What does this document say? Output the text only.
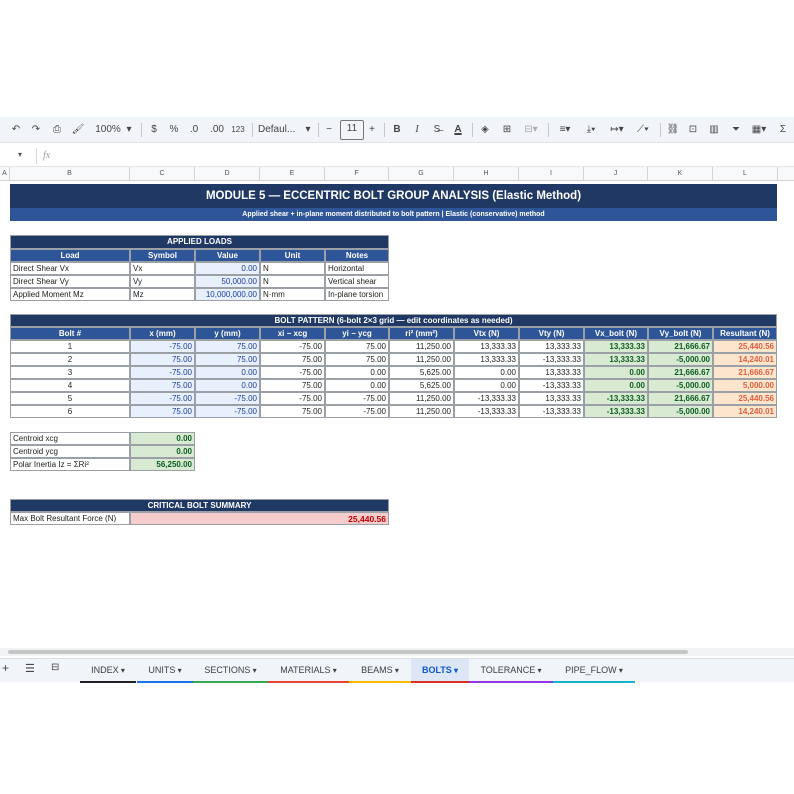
↶	↷	⎙	🖌	100% ▾	$	%	.0	.00 123 Defaul...	▾	−	11	+	B	I	S̶	A	◈	⊞	⊟▾	≡▾	⤓▾	↦▾	⟋▾	⛓ ⊡ ▥	⏷	▦▾	Σ
▾ fx
A	B	C	D	E	F	G	H	I	J	K	L
MODULE 5 — ECCENTRIC BOLT GROUP ANALYSIS (Elastic Method)
Applied shear + in-plane moment distributed to bolt pattern | Elastic (conservative) method
APPLIED LOADS
Load	Symbol	Value	Unit	Notes
Direct Shear Vx	Vx	0.00 N	Horizontal
Direct Shear Vy	Vy	50,000.00 N	Vertical shear
Applied Moment Mz	Mz	10,000,000.00 N·mm	In-plane torsion
BOLT PATTERN (6-bolt 2×3 grid — edit coordinates as needed)
Bolt #	x (mm)	y (mm)	xi − xcg	yi − ycg	ri² (mm²)	Vtx (N)	Vty (N)	Vx_bolt (N)	Vy_bolt (N)	Resultant (N)
1	-75.00	75.00	-75.00	75.00	11,250.00	13,333.33	13,333.33	13,333.33	21,666.67	25,440.56
2	75.00	75.00	75.00	75.00	11,250.00	13,333.33	-13,333.33	13,333.33	-5,000.00	14,240.01
3	-75.00	0.00	-75.00	0.00	5,625.00	0.00	13,333.33	0.00	21,666.67	21,666.67
4	75.00	0.00	75.00	0.00	5,625.00	0.00	-13,333.33	0.00	-5,000.00	5,000.00
5	-75.00	-75.00	-75.00	-75.00	11,250.00	-13,333.33	13,333.33	-13,333.33	21,666.67	25,440.56
6	75.00	-75.00	75.00	-75.00	11,250.00	-13,333.33	-13,333.33	-13,333.33	-5,000.00	14,240.01
Centroid xcg	0.00
Centroid ycg	0.00
Polar Inertia Iz = ΣRi²	56,250.00
CRITICAL BOLT SUMMARY
Max Bolt Resultant Force (N)	25,440.56
+ ☰ ⊟	INDEX ▾	UNITS ▾	SECTIONS ▾	MATERIALS ▾	BEAMS ▾	BOLTS ▾	TOLERANCE ▾	PIPE_FLOW ▾
